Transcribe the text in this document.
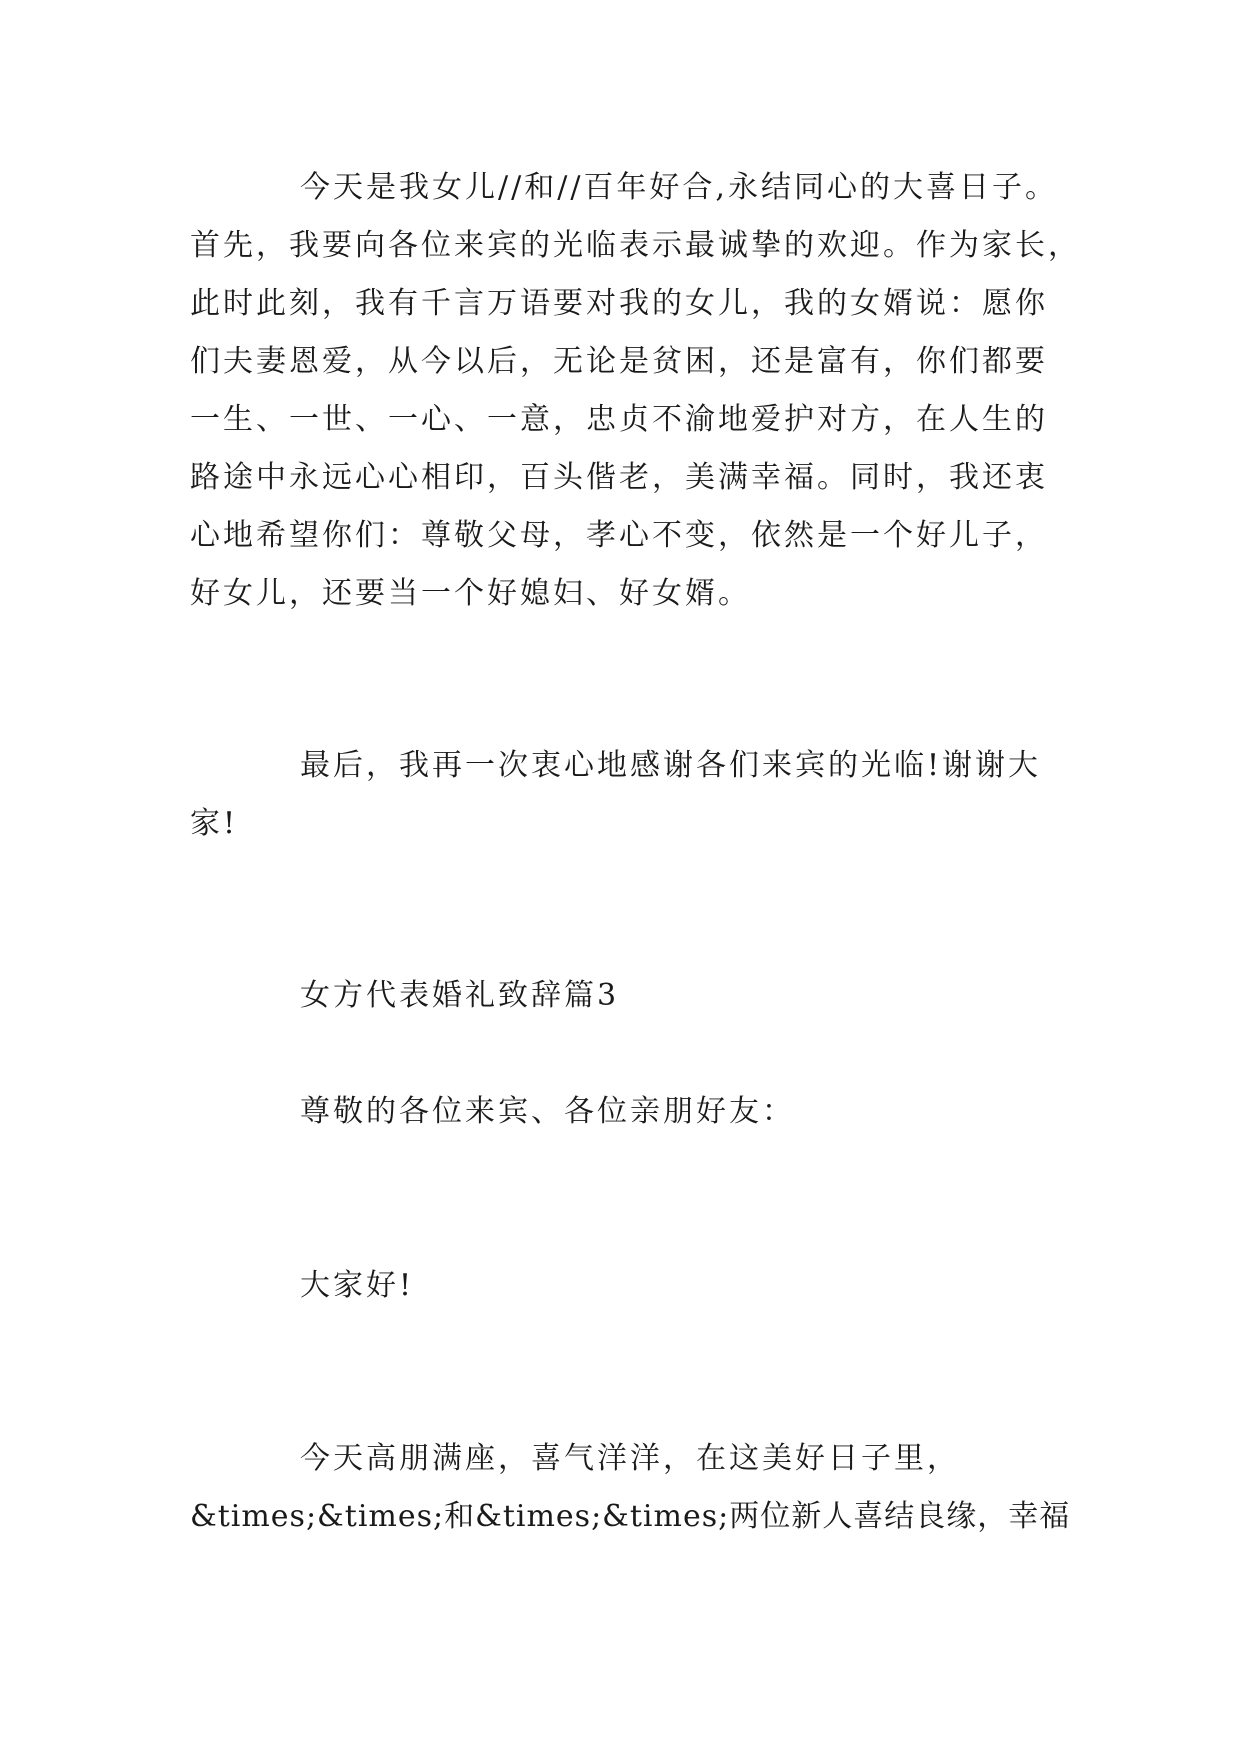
今天是我女儿//和//百年好合,永结同心的大喜日子。
首先，我要向各位来宾的光临表示最诚挚的欢迎。作为家长，
此时此刻，我有千言万语要对我的女儿，我的女婿说：愿你
们夫妻恩爱，从今以后，无论是贫困，还是富有，你们都要
一生、一世、一心、一意，忠贞不渝地爱护对方，在人生的
路途中永远心心相印，百头偕老，美满幸福。同时，我还衷
心地希望你们：尊敬父母，孝心不变，依然是一个好儿子，
好女儿，还要当一个好媳妇、好女婿。
最后，我再一次衷心地感谢各们来宾的光临!谢谢大
家!
女方代表婚礼致辞篇3
尊敬的各位来宾、各位亲朋好友：
大家好!
今天高朋满座，喜气洋洋，在这美好日子里，
&times;&times;和&times;&times;两位新人喜结良缘，幸福
